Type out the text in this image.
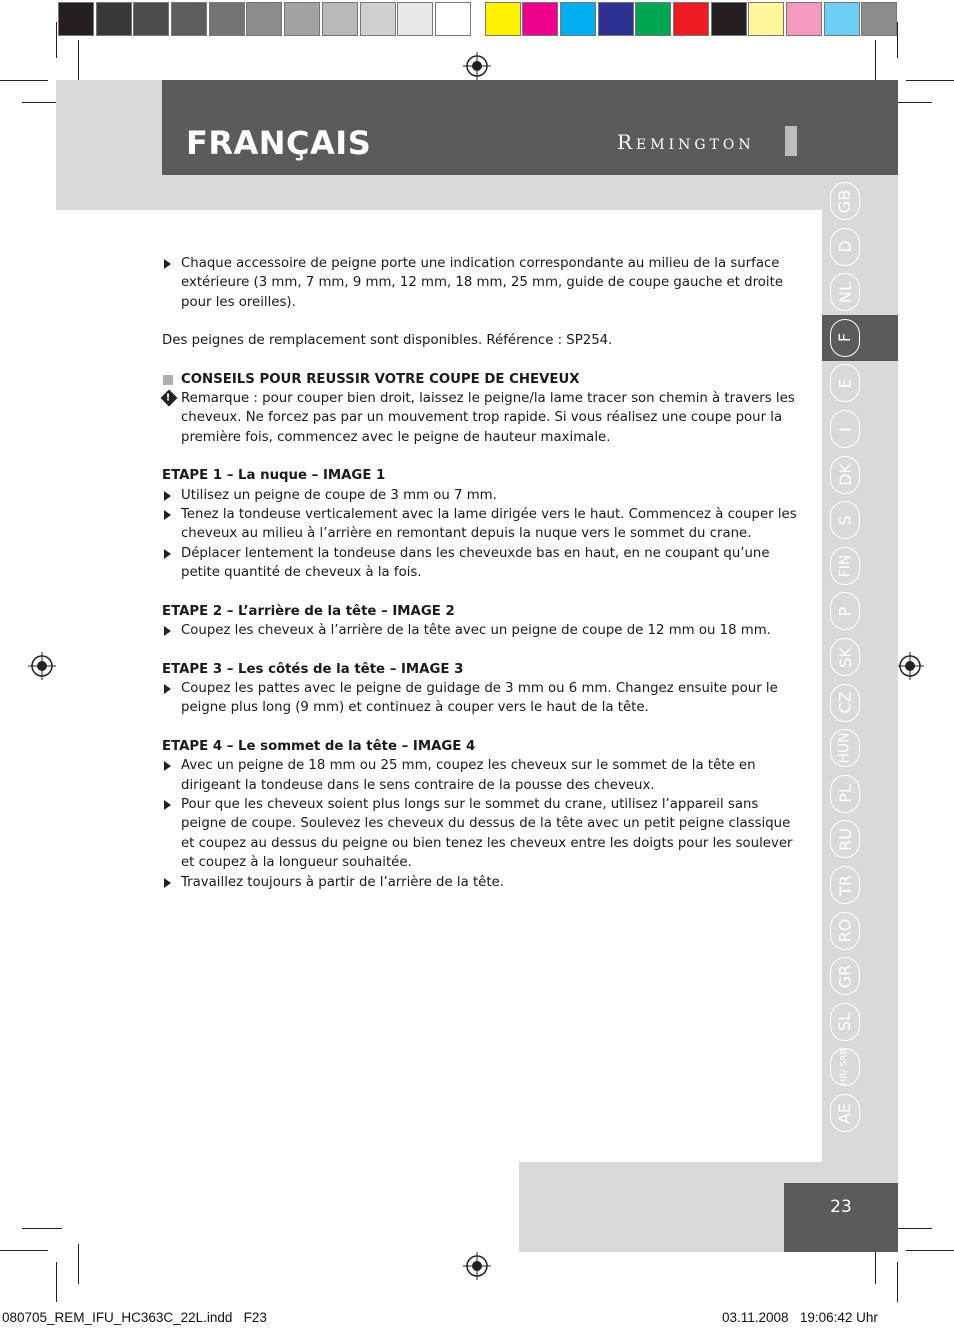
FRANÇAIS	Remington
GB
D
NL
F
E
I
DK
S
FIN
P
SK
CZ
HUN
PL
RU
TR
RO
GR
SL
HR/ SRB
AE

Chaque accessoire de peigne porte une indication correspondante au milieu de la surface extérieure (3 mm, 7 mm, 9 mm, 12 mm, 18 mm, 25 mm, guide de coupe gauche et droite pour les oreilles).

Des peignes de remplacement sont disponibles. Référence : SP254.

CONSEILS POUR REUSSIR VOTRE COUPE DE CHEVEUX

!
Remarque : pour couper bien droit, laissez le peigne/la lame tracer son chemin à travers les cheveux. Ne forcez pas par un mouvement trop rapide. Si vous réalisez une coupe pour la première fois, commencez avec le peigne de hauteur maximale.

ETAPE 1 – La nuque – IMAGE 1

Utilisez un peigne de coupe de 3 mm ou 7 mm.

Tenez la tondeuse verticalement avec la lame dirigée vers le haut. Commencez à couper les cheveux au milieu à l’arrière en remontant depuis la nuque vers le sommet du crane.

Déplacer lentement la tondeuse dans les cheveuxde bas en haut, en ne coupant qu’une petite quantité de cheveux à la fois.

ETAPE 2 – L’arrière de la tête – IMAGE 2

Coupez les cheveux à l’arrière de la tête avec un peigne de coupe de 12 mm ou 18 mm.

ETAPE 3 – Les côtés de la tête – IMAGE 3

Coupez les pattes avec le peigne de guidage de 3 mm ou 6 mm. Changez ensuite pour le peigne plus long (9 mm) et continuez à couper vers le haut de la tête.

ETAPE 4 – Le sommet de la tête – IMAGE 4

Avec un peigne de 18 mm ou 25 mm, coupez les cheveux sur le sommet de la tête en dirigeant la tondeuse dans le sens contraire de la pousse des cheveux.

Pour que les cheveux soient plus longs sur le sommet du crane, utilisez l’appareil sans peigne de coupe. Soulevez les cheveux du dessus de la tête avec un petit peigne classique et coupez au dessus du peigne ou bien tenez les cheveux entre les doigts pour les soulever et coupez à la longueur souhaitée.

Travaillez toujours à partir de l’arrière de la tête.

23
080705_REM_IFU_HC363C_22L.indd   F23	03.11.2008   19:06:42 Uhr
